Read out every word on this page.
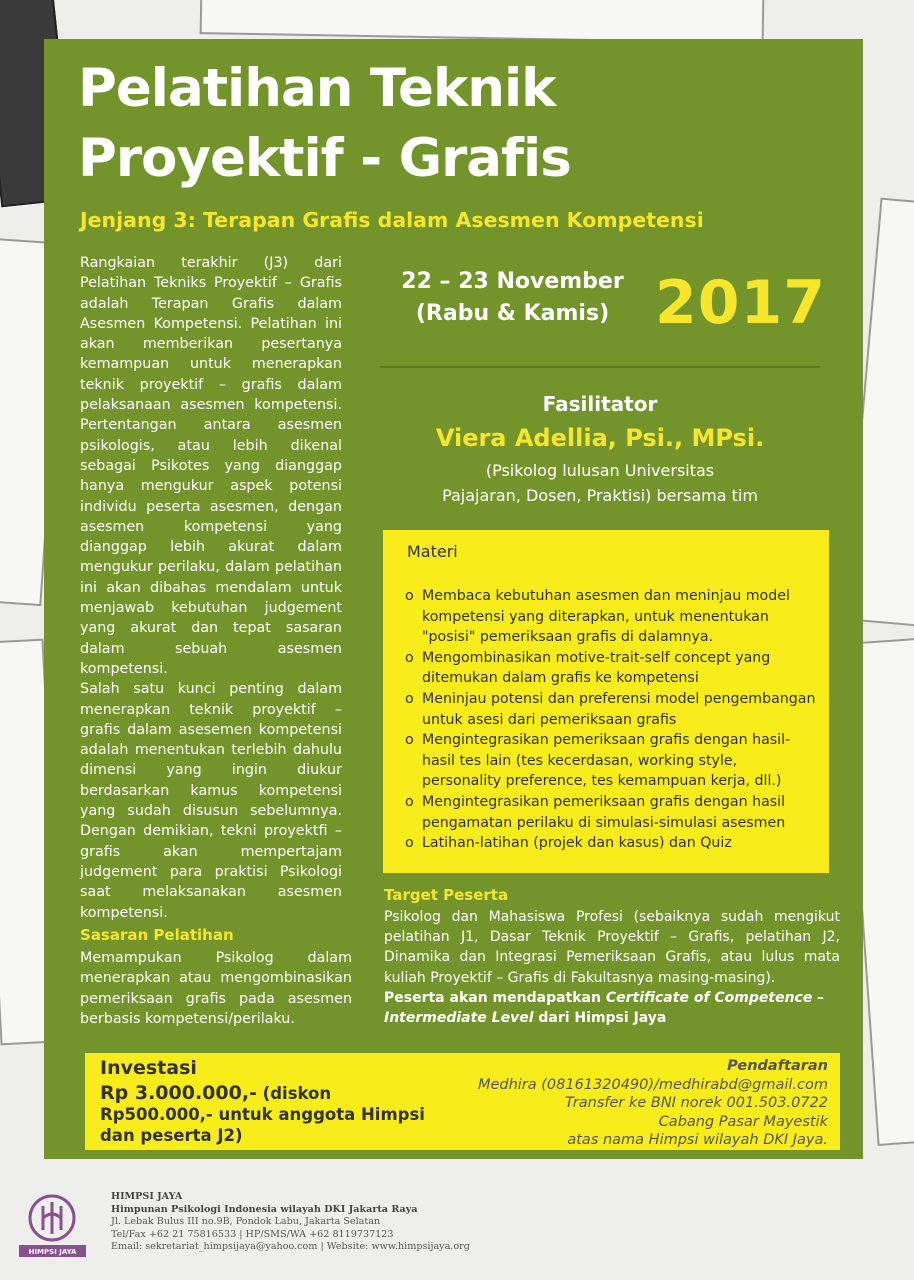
Pelatihan Teknik
Proyektif - Grafis
Jenjang 3: Terapan Grafis dalam Asesmen Kompetensi

Rangkaian terakhir (J3) dari Pelatihan Tekniks Proyektif – Grafis adalah Terapan Grafis dalam Asesmen Kompetensi. Pelatihan ini akan memberikan pesertanya kemampuan untuk menerapkan teknik proyektif – grafis dalam pelaksanaan asesmen kompetensi. Pertentangan antara asesmen psikologis, atau lebih dikenal sebagai Psikotes yang dianggap hanya mengukur aspek potensi individu peserta asesmen, dengan asesmen kompetensi yang dianggap lebih akurat dalam mengukur perilaku, dalam pelatihan ini akan dibahas mendalam untuk menjawab kebutuhan judgement yang akurat dan tepat sasaran dalam sebuah asesmen kompetensi.

Salah satu kunci penting dalam menerapkan teknik proyektif – grafis dalam asesemen kompetensi adalah menentukan terlebih dahulu dimensi yang ingin diukur berdasarkan kamus kompetensi yang sudah disusun sebelumnya. Dengan demikian, tekni proyektfi – grafis akan mempertajam judgement para praktisi Psikologi saat melaksanakan asesmen kompetensi.

Sasaran Pelatihan

Memampukan Psikolog dalam menerapkan atau mengombinasikan pemeriksaan grafis pada asesmen berbasis kompetensi/perilaku.

22 – 23 November
(Rabu & Kamis) 2017
Fasilitator
Viera Adellia, Psi., MPsi.
(Psikolog lulusan Universitas
Pajajaran, Dosen, Praktisi) bersama tim
Materi
o Membaca kebutuhan asesmen dan meninjau model kompetensi yang diterapkan, untuk menentukan "posisi" pemeriksaan grafis di dalamnya.
o Mengombinasikan motive-trait-self concept yang ditemukan dalam grafis ke kompetensi
o Meninjau potensi dan preferensi model pengembangan untuk asesi dari pemeriksaan grafis
o Mengintegrasikan pemeriksaan grafis dengan hasil-hasil tes lain (tes kecerdasan, working style, personality preference, tes kemampuan kerja, dll.)
o Mengintegrasikan pemeriksaan grafis dengan hasil pengamatan perilaku di simulasi-simulasi asesmen
o Latihan-latihan (projek dan kasus) dan Quiz
Target Peserta

Psikolog dan Mahasiswa Profesi (sebaiknya sudah mengikut pelatihan J1, Dasar Teknik Proyektif – Grafis, pelatihan J2, Dinamika dan Integrasi Pemeriksaan Grafis, atau lulus mata kuliah Proyektif – Grafis di Fakultasnya masing-masing).

Peserta akan mendapatkan Certificate of Competence – Intermediate Level dari Himpsi Jaya

Investasi
Rp 3.000.000,- (diskon
Rp500.000,- untuk anggota Himpsi
dan peserta J2)
Pendaftaran
Medhira (08161320490)/medhirabd@gmail.com
Transfer ke BNI norek 001.503.0722
Cabang Pasar Mayestik
atas nama Himpsi wilayah DKI Jaya.
HIMPSI JAYA
HIMPSI JAYA
Himpunan Psikologi Indonesia wilayah DKI Jakarta Raya
Jl. Lebak Bulus III no.9B, Pondok Labu, Jakarta Selatan
Tel/Fax +62 21 75816533 | HP/SMS/WA +62 8119737123
Email: sekretariat_himpsijaya@yahoo.com | Website: www.himpsijaya.org
